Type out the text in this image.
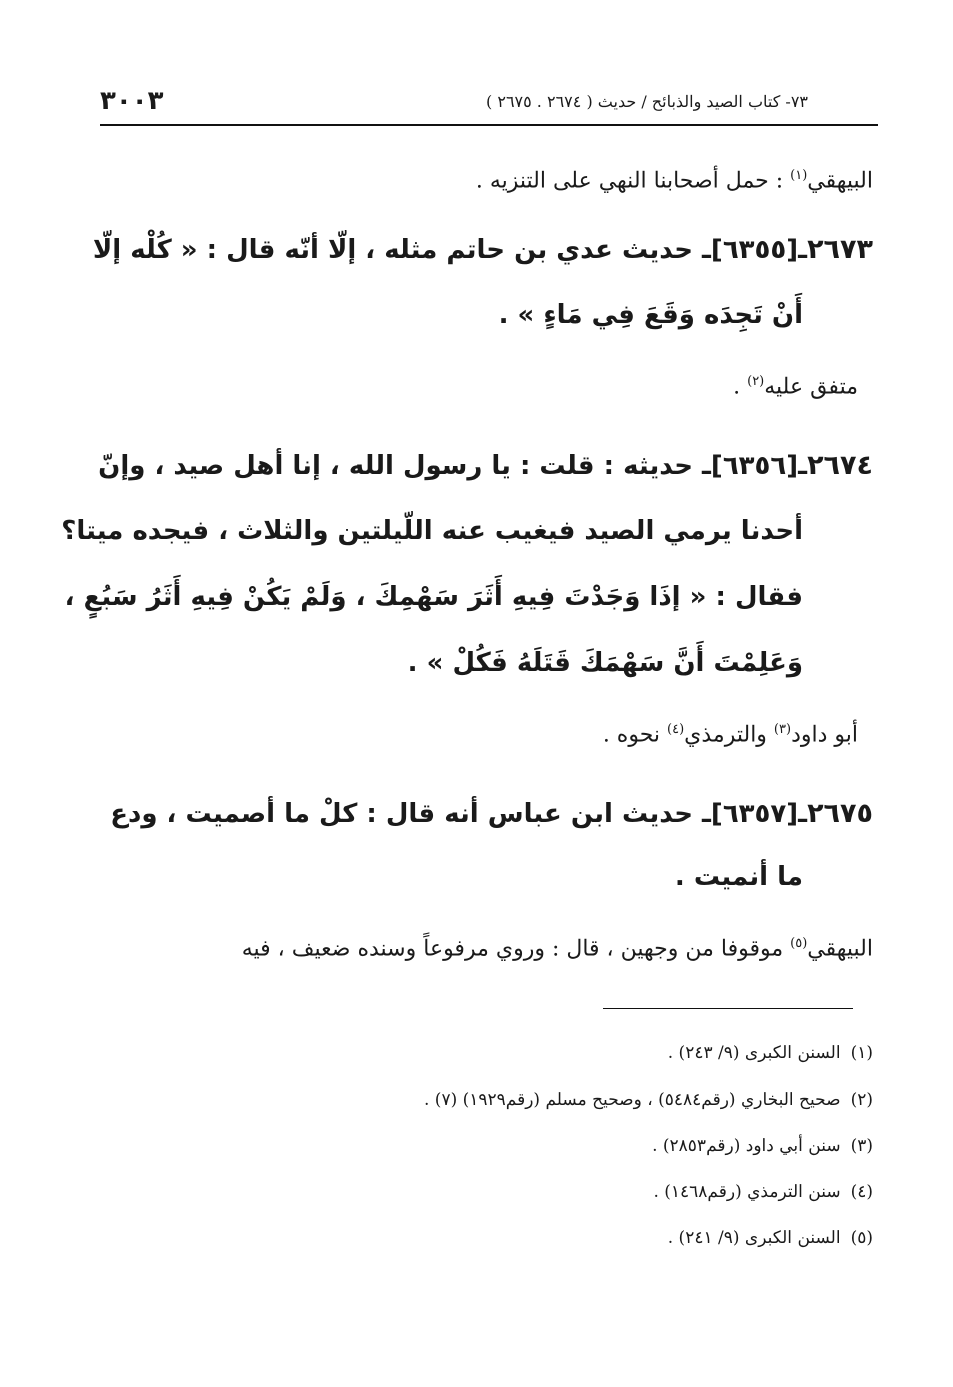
٣٠٠٣	٧٣- كتاب الصيد والذبائح / حديث ( ٢٦٧٤ . ٢٦٧٥ )
البيهقي$^{(١)}$ : حمل أصحابنا النهي على التنزيه .
٢٦٧٣ـ[٦٣٥٥]ـ حديث عدي بن حاتم مثله ، إلّا أنّه قال : « كُلْه إلّا
أَنْ تَجِدَه وَقَعَ فِي مَاءٍ » .
متفق عليه$^{(٢)}$ .
٢٦٧٤ـ[٦٣٥٦]ـ حديثه : قلت : يا رسول الله ، إنا أهل صيد ، وإنّ
أحدنا يرمي الصيد فيغيب عنه اللّيلتين والثلاث ، فيجده ميتا؟
فقال : « إذَا وَجَدْتَ فِيهِ أَثَرَ سَهْمِكَ ، وَلَمْ يَكُنْ فِيهِ أَثَرُ سَبُعٍ ،
وَعَلِمْتَ أَنَّ سَهْمَكَ قَتَلَهُ فَكُلْ » .
أبو داود$^{(٣)}$ والترمذي$^{(٤)}$ نحوه .
٢٦٧٥ـ[٦٣٥٧]ـ حديث ابن عباس أنه قال : كلْ ما أصميت ، ودع
ما أنميت .
البيهقي$^{(٥)}$ موقوفا من وجهين ، قال : وروي مرفوعاً وسنده ضعيف ، فيه
(١)السنن الكبرى (٩/ ٢٤٣) .
(٢)صحيح البخاري (رقم٥٤٨٤) ، وصحيح مسلم (رقم١٩٢٩) (٧) .
(٣)سنن أبي داود (رقم٢٨٥٣) .
(٤)سنن الترمذي (رقم١٤٦٨) .
(٥)السنن الكبرى (٩/ ٢٤١) .
